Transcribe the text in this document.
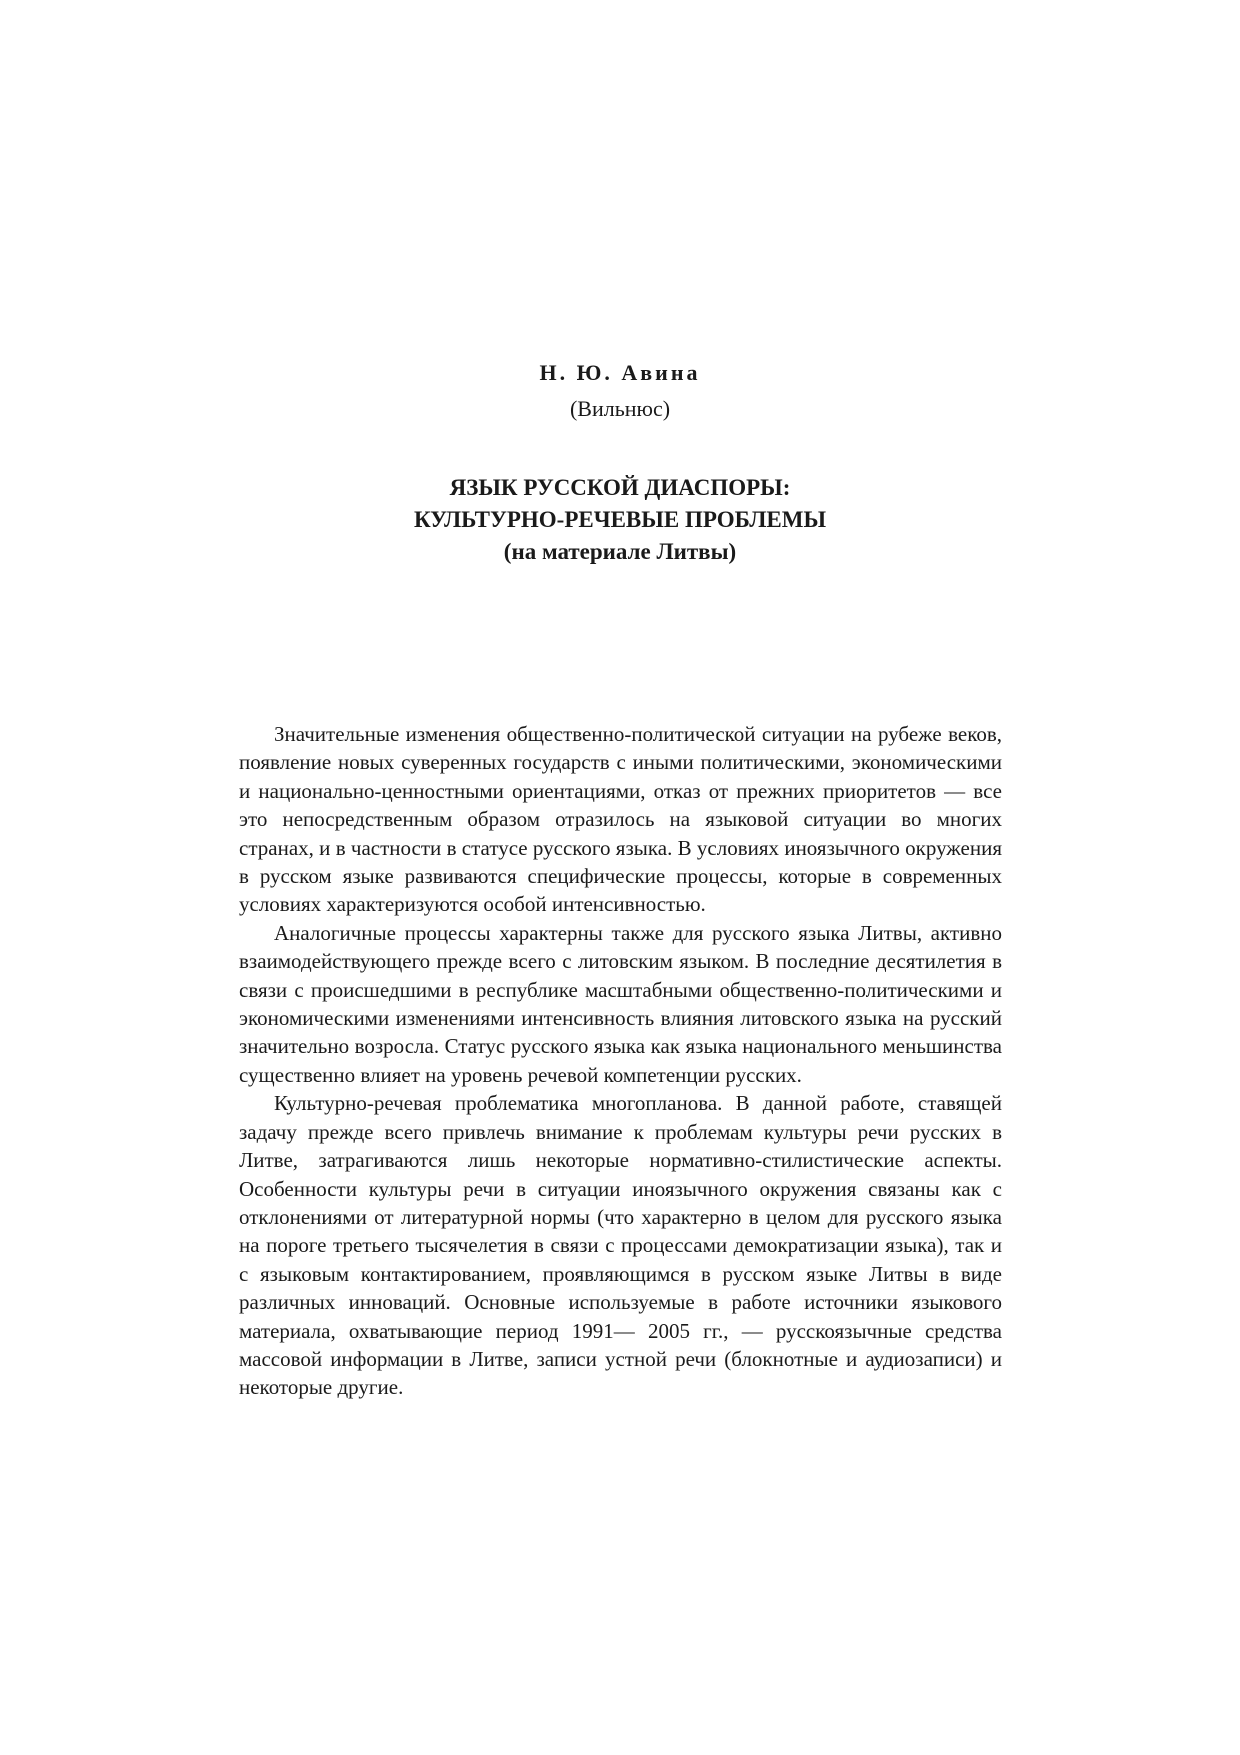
Н. Ю. Авина
(Вильнюс)
ЯЗЫК РУССКОЙ ДИАСПОРЫ:
КУЛЬТУРНО-РЕЧЕВЫЕ ПРОБЛЕМЫ
(на материале Литвы)

Значительные изменения общественно-политической ситуации на рубеже веков, появление новых суверенных государств с иными политическими, экономическими и национально-ценностными ориентациями, отказ от прежних приоритетов — все это непосредственным образом отразилось на языковой ситуации во многих странах, и в частности в статусе русского языка. В условиях иноязычного окружения в русском языке развиваются специфические процессы, которые в современных условиях характеризуются особой интенсивностью.

Аналогичные процессы характерны также для русского языка Литвы, активно взаимодействующего прежде всего с литовским языком. В последние десятилетия в связи с происшедшими в республике масштабными общественно-политическими и экономическими изменениями интенсивность влияния литовского языка на русский значительно возросла. Статус русского языка как языка национального меньшинства существенно влияет на уровень речевой компетенции русских.

Культурно-речевая проблематика многопланова. В данной работе, ставящей задачу прежде всего привлечь внимание к проблемам культуры речи русских в Литве, затрагиваются лишь некоторые нормативно-стилистические аспекты. Особенности культуры речи в ситуации иноязычного окружения связаны как с отклонениями от литературной нормы (что характерно в целом для русского языка на пороге третьего тысячелетия в связи с процессами демократизации языка), так и с языковым контактированием, проявляющимся в русском языке Литвы в виде различных инноваций. Основные используемые в работе источники языкового материала, охватывающие период 1991— 2005 гг., — русскоязычные средства массовой информации в Литве, записи устной речи (блокнотные и аудиозаписи) и некоторые другие.
